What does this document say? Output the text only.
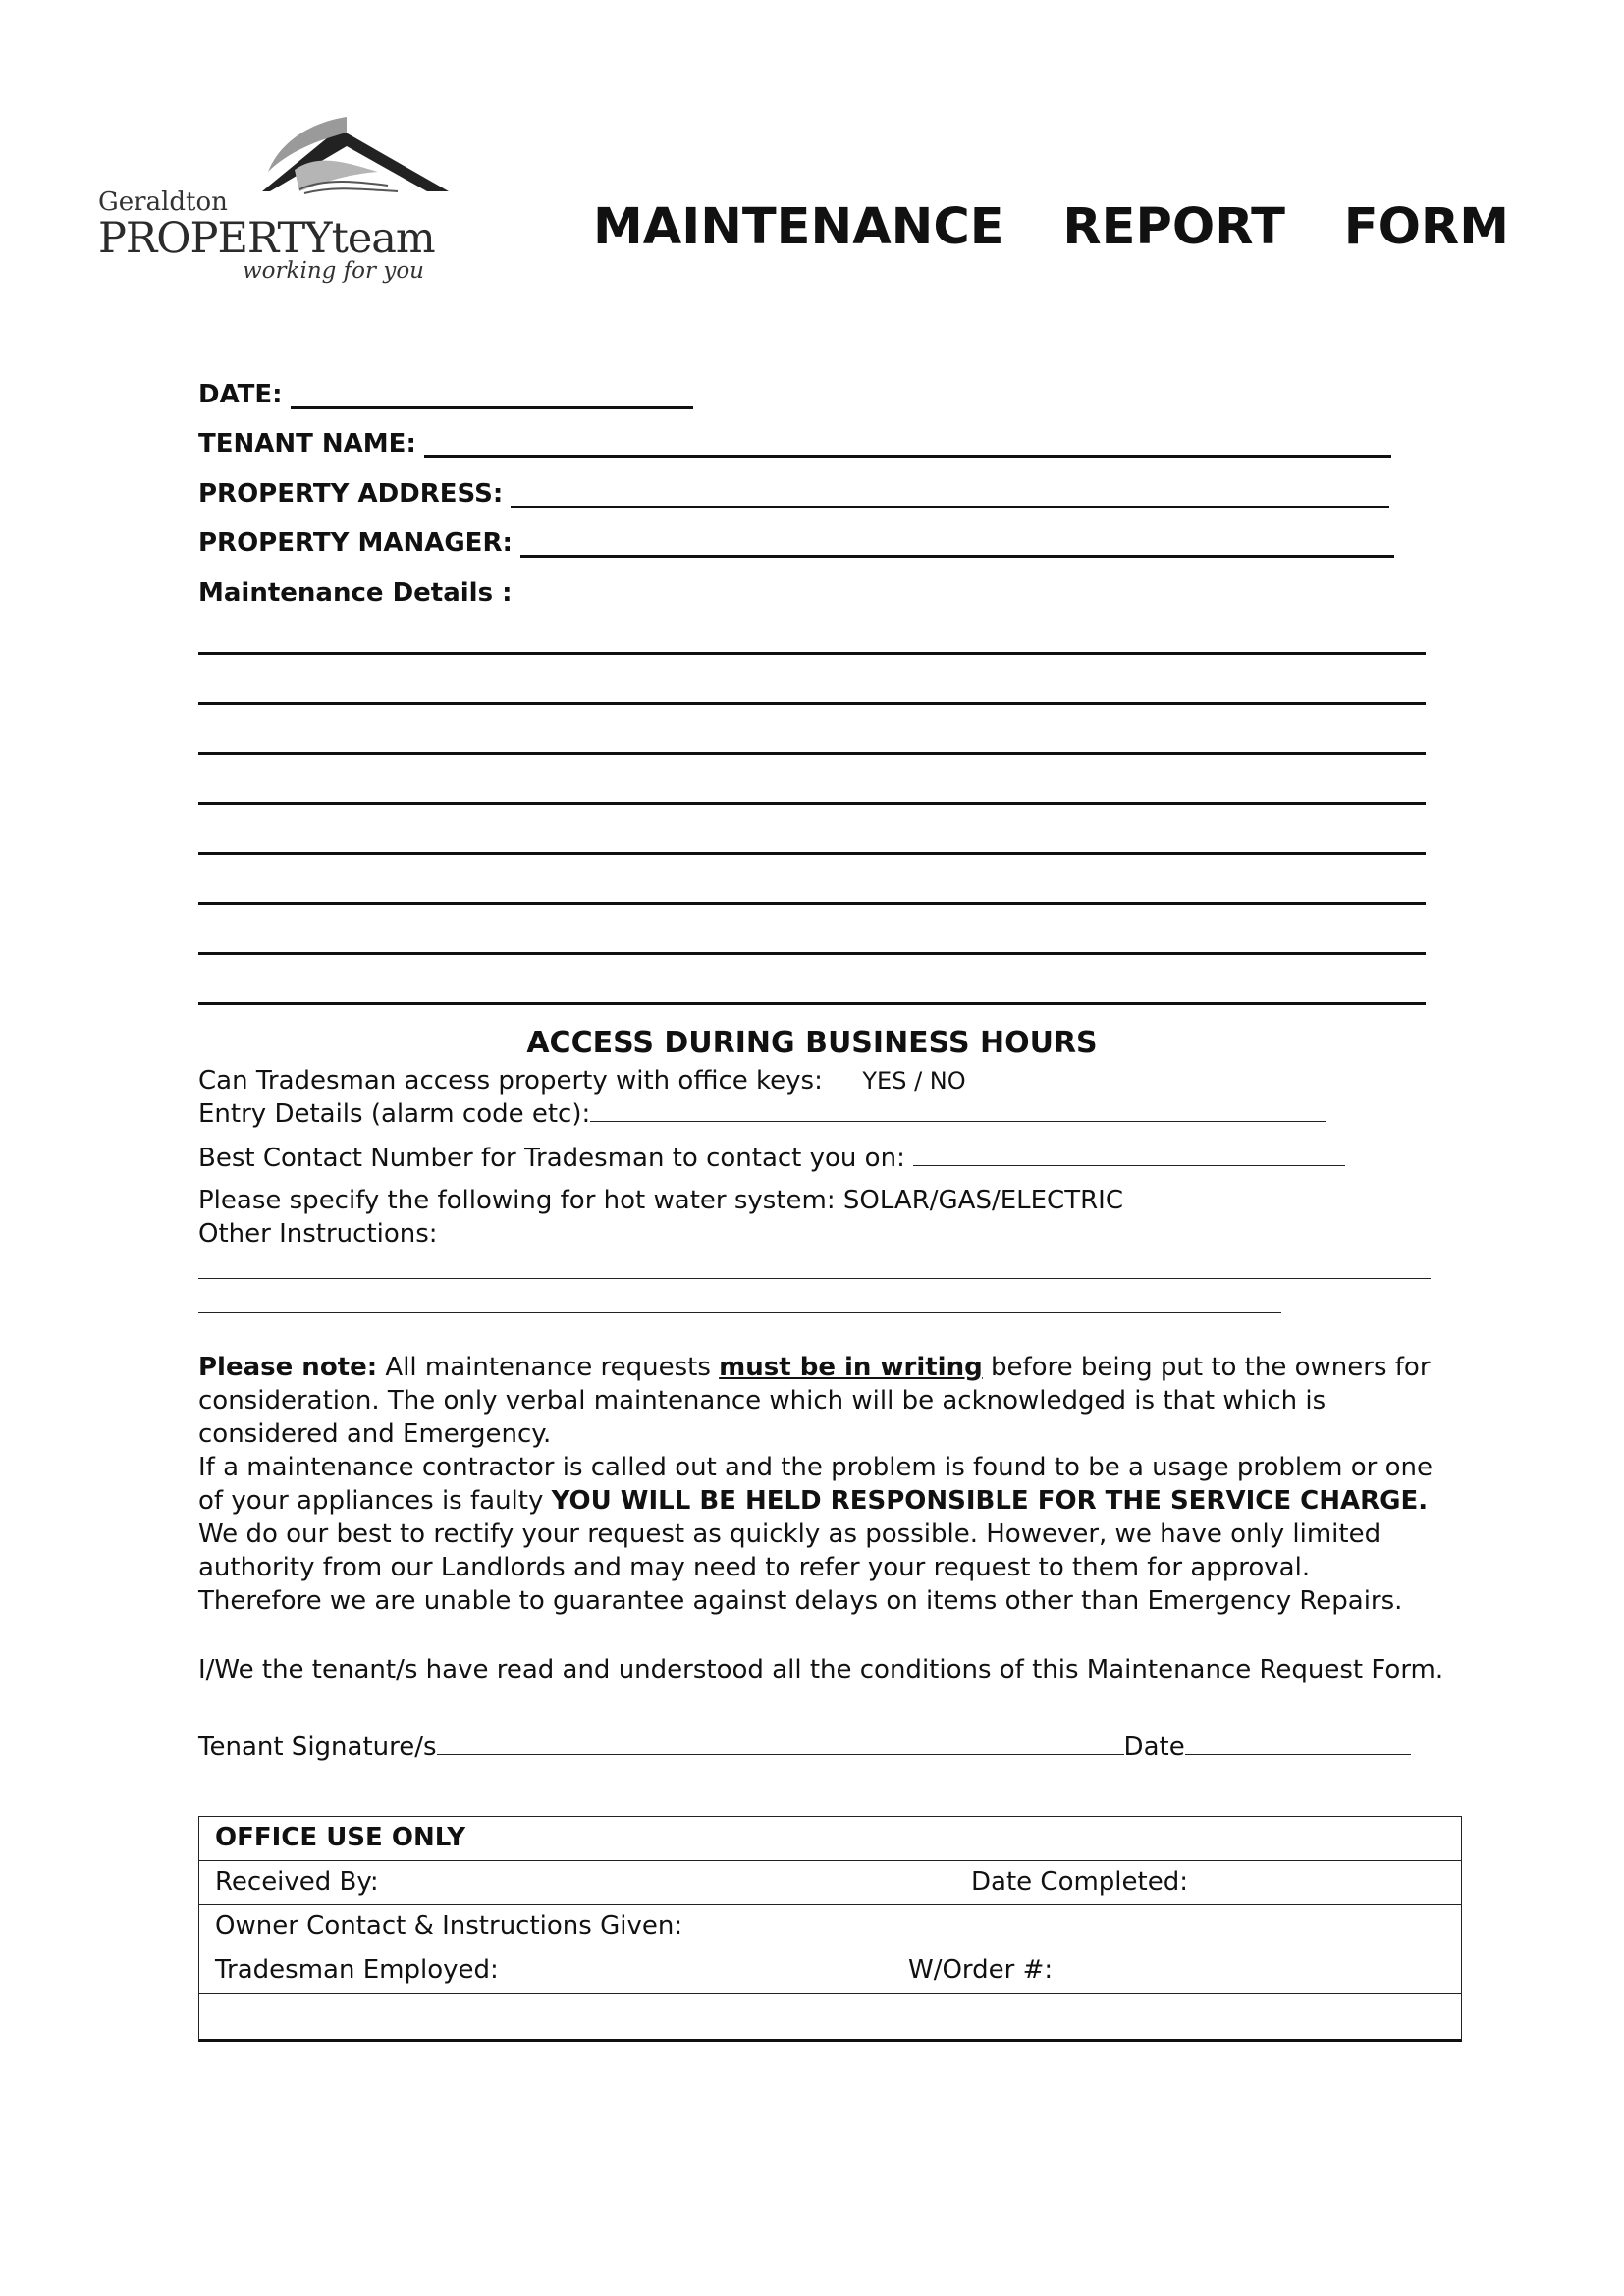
Geraldton
PROPERTYteam
working for you
MAINTENANCE REPORT FORM
DATE:
TENANT NAME:
PROPERTY ADDRESS:
PROPERTY MANAGER:
Maintenance Details :
ACCESS DURING BUSINESS HOURS
Can Tradesman access property with office keys: YES / NO
Entry Details (alarm code etc):
Best Contact Number for Tradesman to contact you on:
Please specify the following for hot water system: SOLAR/GAS/ELECTRIC
Other Instructions:

Please note: All maintenance requests must be in writing before being put to the owners for consideration. The only verbal maintenance which will be acknowledged is that which is considered and Emergency.

If a maintenance contractor is called out and the problem is found to be a usage problem or one of your appliances is faulty YOU WILL BE HELD RESPONSIBLE FOR THE SERVICE CHARGE. We do our best to rectify your request as quickly as possible. However, we have only limited authority from our Landlords and may need to refer your request to them for approval. Therefore we are unable to guarantee against delays on items other than Emergency Repairs.

I/We the tenant/s have read and understood all the conditions of this Maintenance Request Form.
Tenant Signature/s	Date
OFFICE USE ONLY
Received By:	Date Completed:
Owner Contact & Instructions Given:
Tradesman Employed:	W/Order #:
